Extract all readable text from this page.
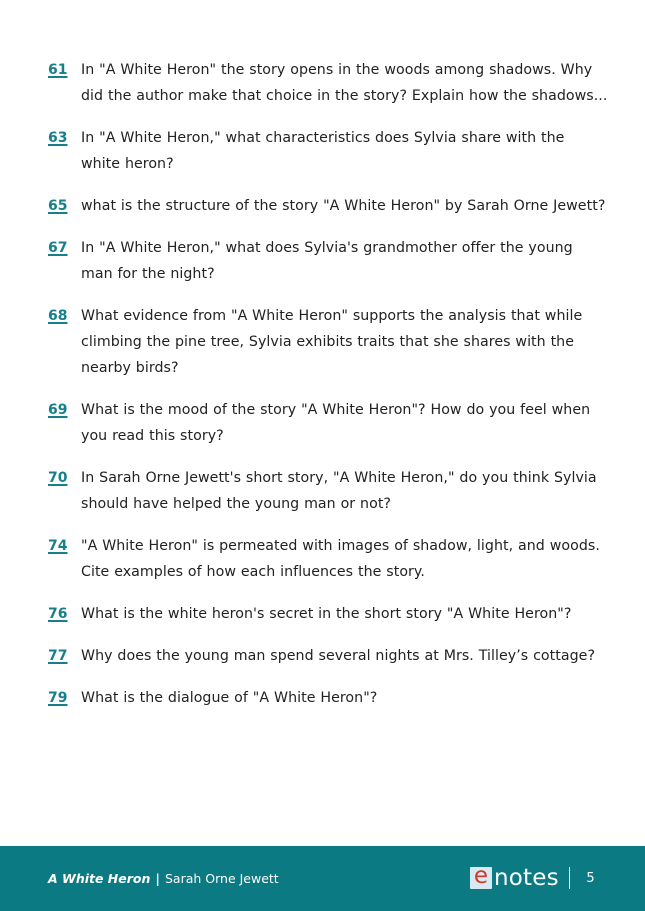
61 In "A White Heron" the story opens in the woods among shadows. Why did the author make that choice in the story? Explain how the shadows...
63 In "A White Heron," what characteristics does Sylvia share with the white heron?
65 what is the structure of the story "A White Heron" by Sarah Orne Jewett?
67 In "A White Heron," what does Sylvia's grandmother offer the young man for the night?
68 What evidence from "A White Heron" supports the analysis that while climbing the pine tree, Sylvia exhibits traits that she shares with the nearby birds?
69 What is the mood of the story "A White Heron"? How do you feel when you read this story?
70 In Sarah Orne Jewett's short story, "A White Heron," do you think Sylvia should have helped the young man or not?
74 "A White Heron" is permeated with images of shadow, light, and woods. Cite examples of how each influences the story.
76 What is the white heron's secret in the short story "A White Heron"?
77 Why does the young man spend several nights at Mrs. Tilley’s cottage?
79 What is the dialogue of "A White Heron"?
A White Heron | Sarah Orne Jewett	e notes 5
